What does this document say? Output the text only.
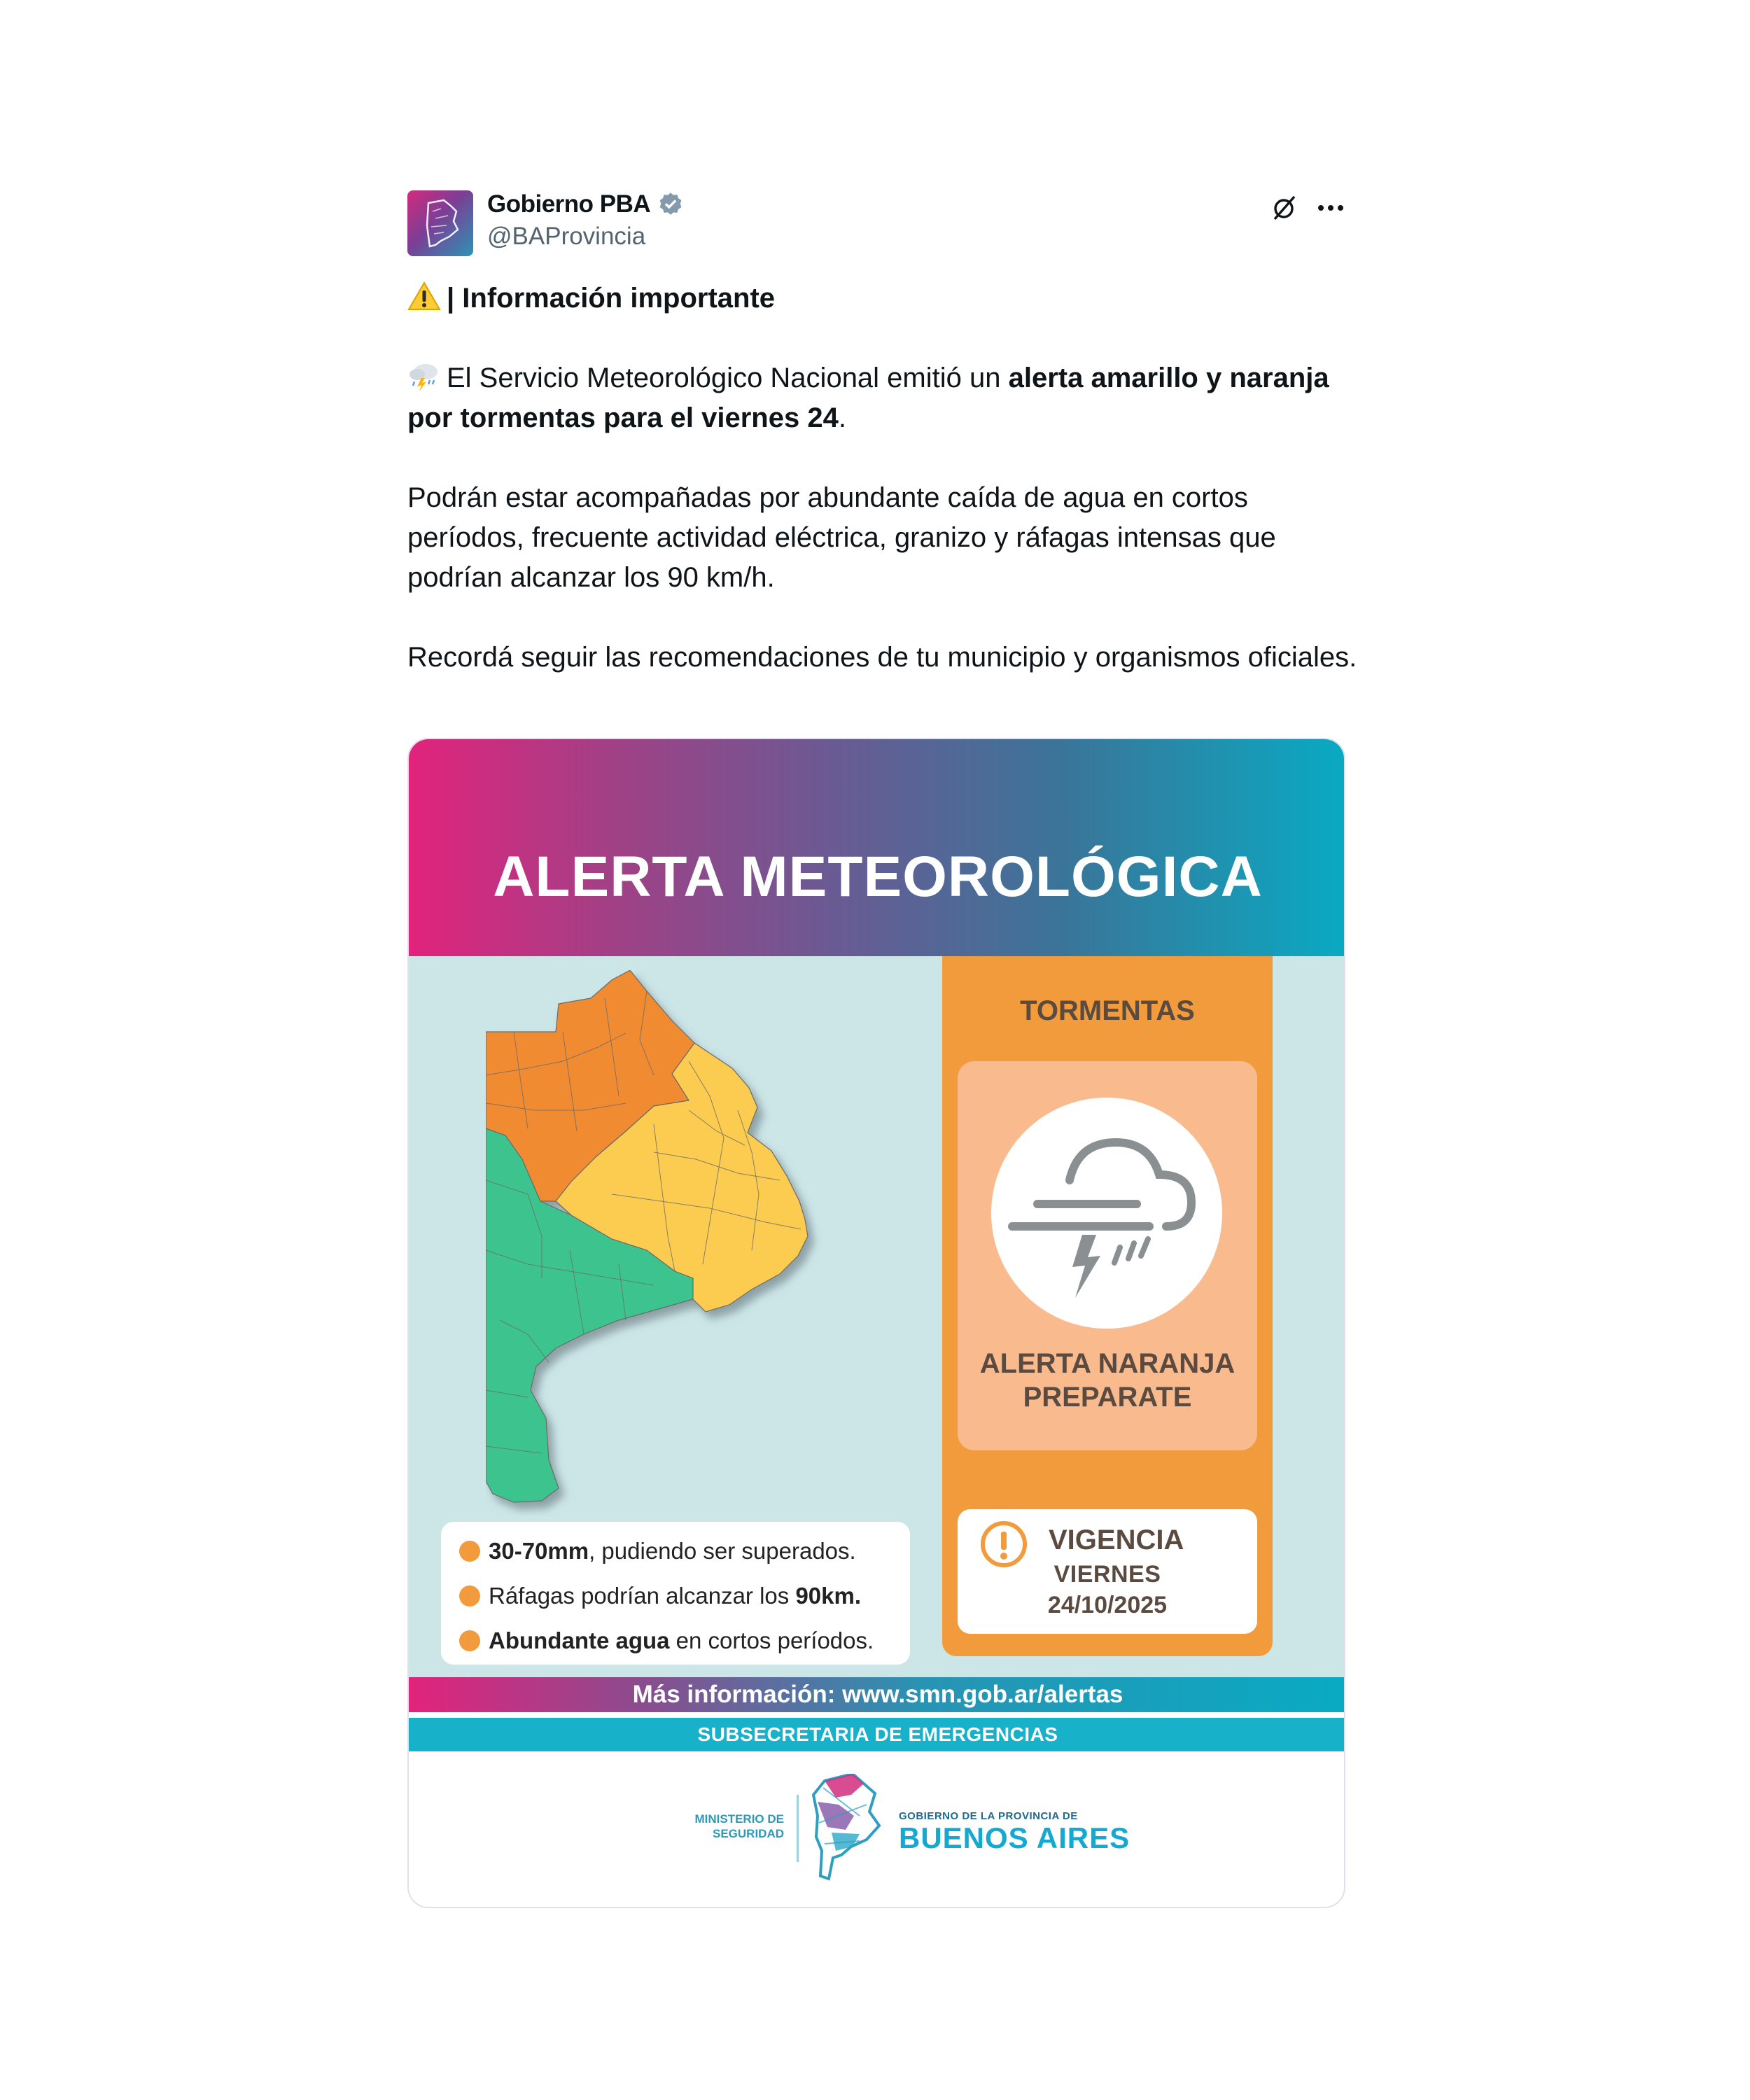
Gobierno PBA
@BAProvincia

| Información importante

El Servicio Meteorológico Nacional emitió un alerta amarillo y naranja por tormentas para el viernes 24.

Podrán estar acompañadas por abundante caída de agua en cortos períodos, frecuente actividad eléctrica, granizo y ráfagas intensas que podrían alcanzar los 90 km/h.

Recordá seguir las recomendaciones de tu municipio y organismos oficiales.

ALERTA METEOROLÓGICA
30-70mm , pudiendo ser superados.
Ráfagas podrían alcanzar los 90km .
Abundante agua en cortos períodos.
TORMENTAS
ALERTA NARANJA
PREPARATE
VIGENCIA
VIERNES
24/10/2025
Más información: www.smn.gob.ar/alertas
SUBSECRETARIA DE EMERGENCIAS
MINISTERIO DE
SEGURIDAD
GOBIERNO DE LA PROVINCIA DE
BUENOS AIRES
